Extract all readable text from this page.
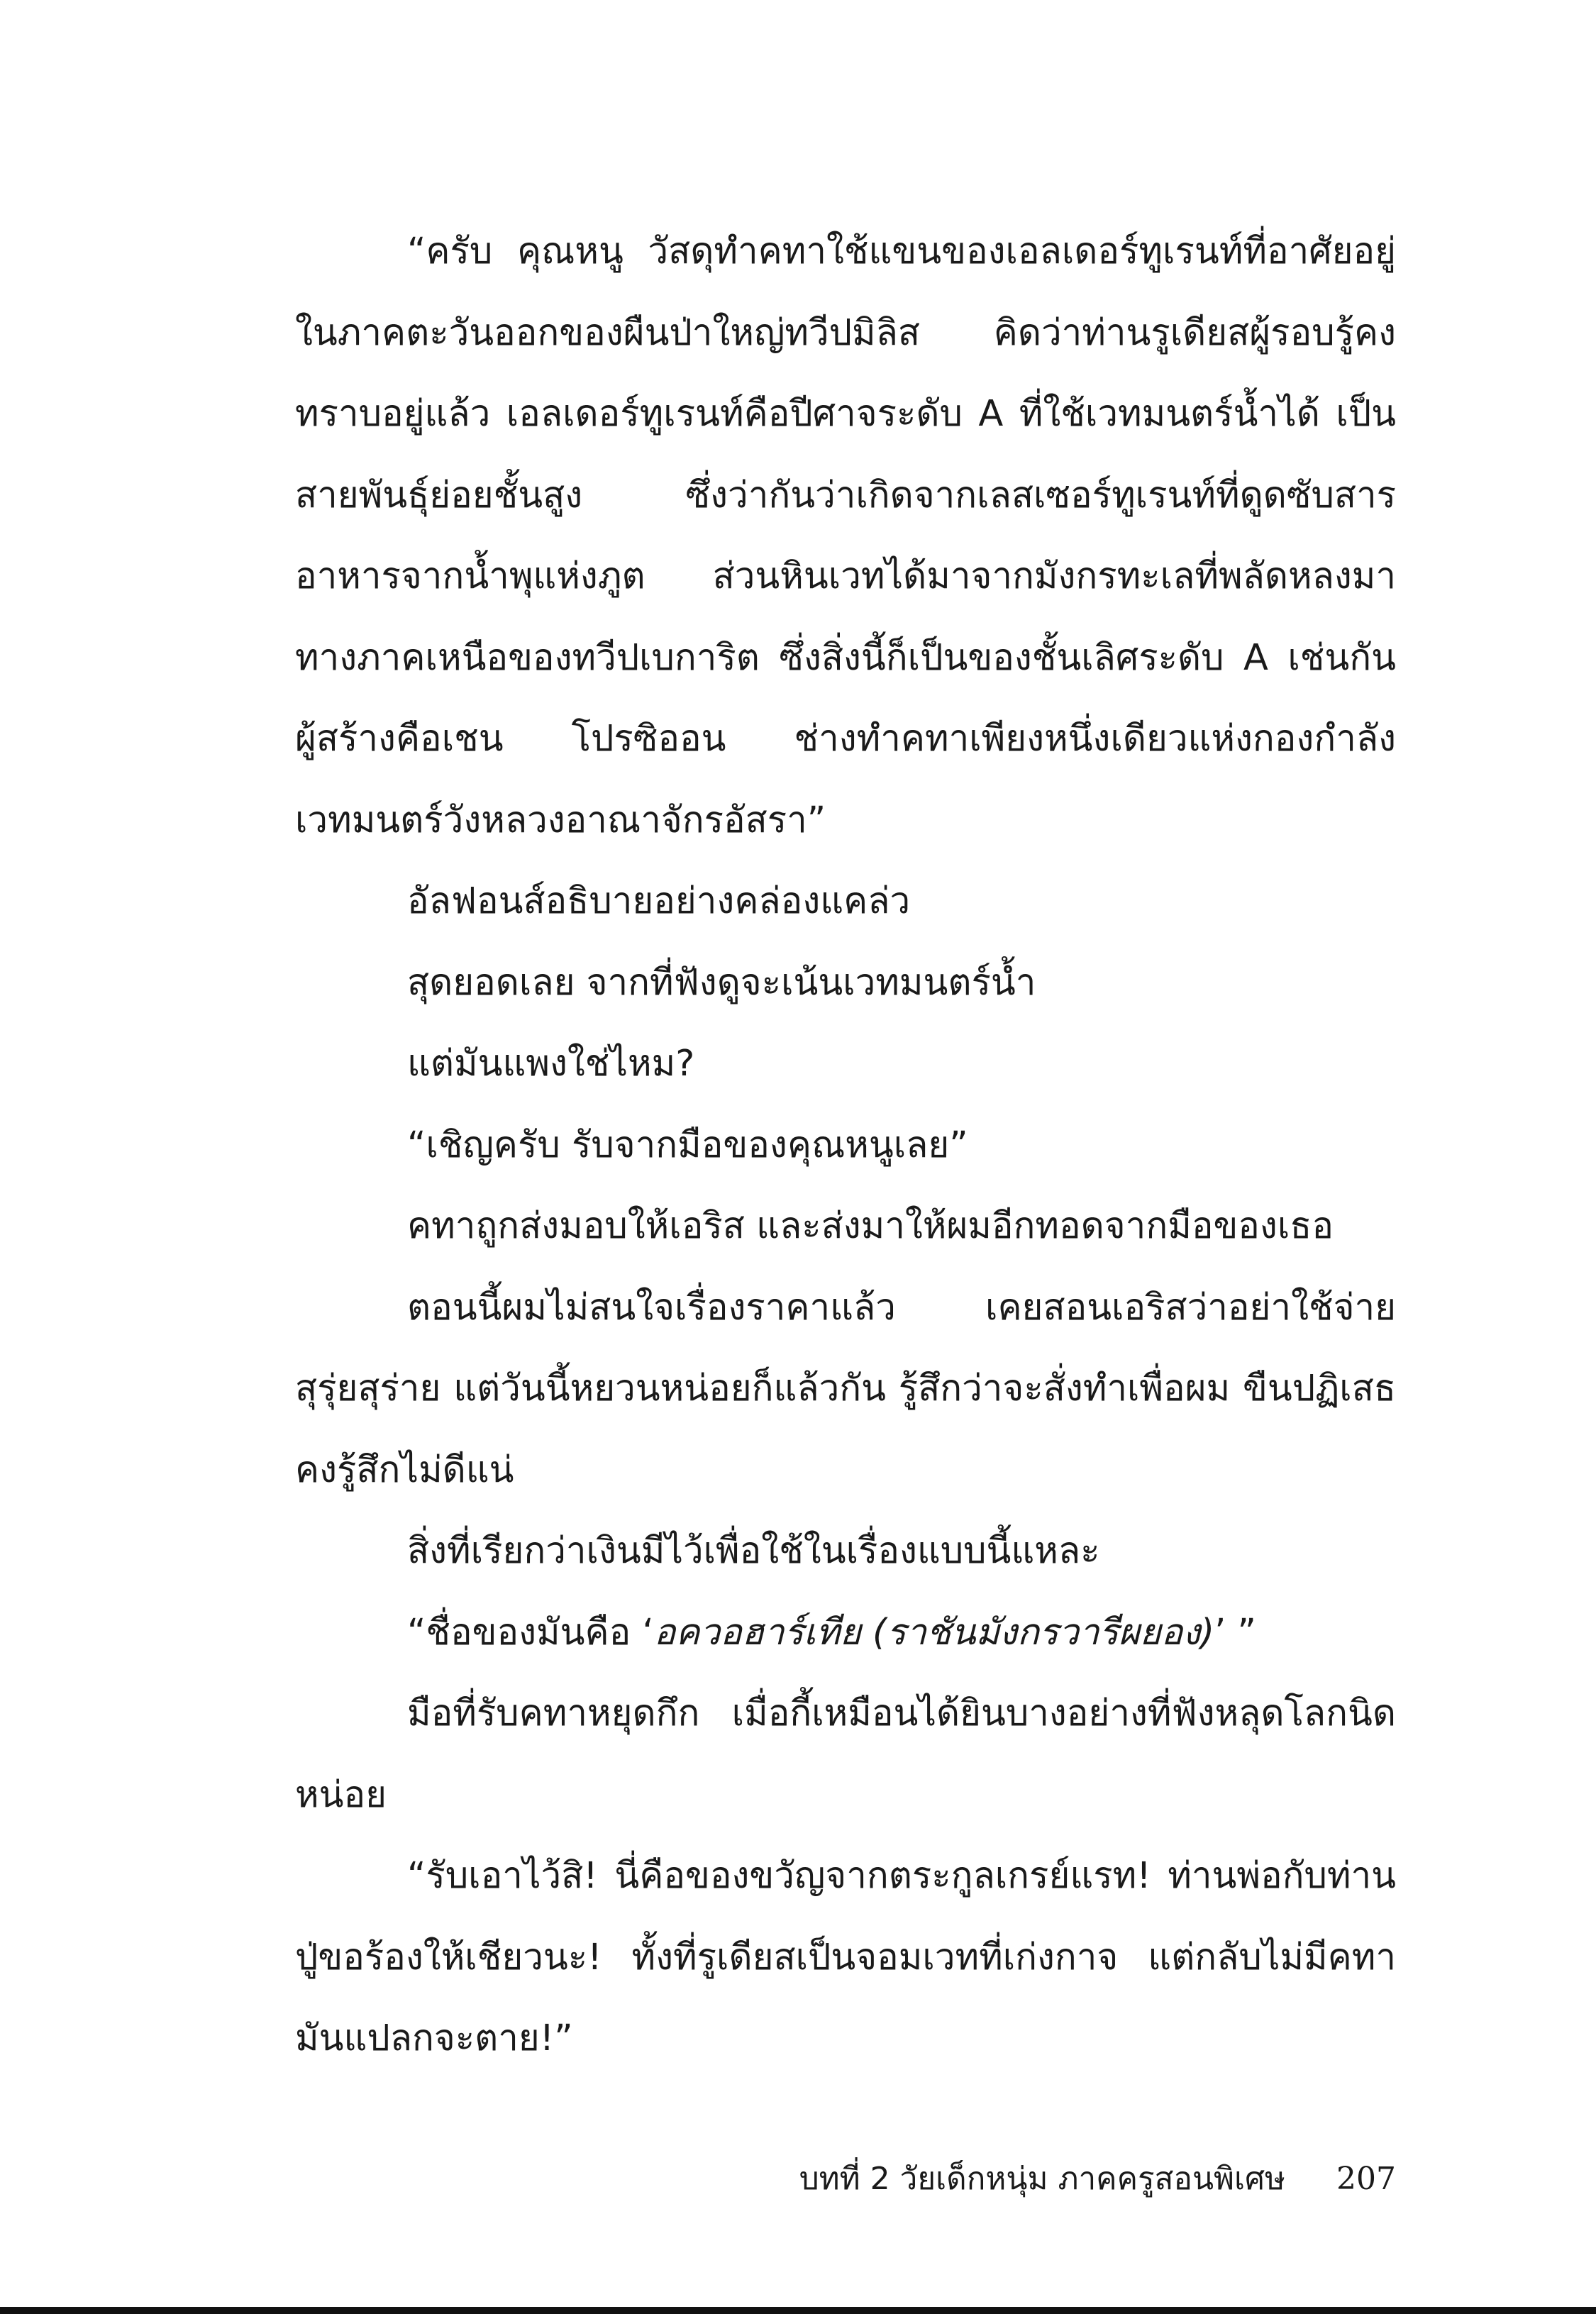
“ครับ คุณหนู วัสดุทำคทาใช้แขนของเอลเดอร์ทูเรนท์ที่อาศัยอยู่ในภาคตะวันออกของผืนป่าใหญ่ทวีปมิลิส คิดว่าท่านรูเดียสผู้รอบรู้คงทราบอยู่แล้ว เอลเดอร์ทูเรนท์คือปีศาจระดับ A ที่ใช้เวทมนตร์น้ำได้ เป็นสายพันธุ์ย่อยชั้นสูง ซึ่งว่ากันว่าเกิดจากเลสเซอร์ทูเรนท์ที่ดูดซับสารอาหารจากน้ำพุแห่งภูต ส่วนหินเวทได้มาจากมังกรทะเลที่พลัดหลงมาทางภาคเหนือของทวีปเบการิต ซึ่งสิ่งนี้ก็เป็นของชั้นเลิศระดับ A เช่นกัน ผู้สร้างคือเชน โปรซิออน ช่างทำคทาเพียงหนึ่งเดียวแห่งกองกำลังเวทมนตร์วังหลวงอาณาจักรอัสรา”

อัลฟอนส์อธิบายอย่างคล่องแคล่ว

สุดยอดเลย จากที่ฟังดูจะเน้นเวทมนตร์น้ำ

แต่มันแพงใช่ไหม?

“เชิญครับ รับจากมือของคุณหนูเลย”

คทาถูกส่งมอบให้เอริส และส่งมาให้ผมอีกทอดจากมือของเธอ

ตอนนี้ผมไม่สนใจเรื่องราคาแล้ว เคยสอนเอริสว่าอย่าใช้จ่ายสุรุ่ยสุร่าย แต่วันนี้หยวนหน่อยก็แล้วกัน รู้สึกว่าจะสั่งทำเพื่อผม ขืนปฏิเสธคงรู้สึกไม่ดีแน่

สิ่งที่เรียกว่าเงินมีไว้เพื่อใช้ในเรื่องแบบนี้แหละ

“ชื่อของมันคือ ‘อควอฮาร์เทีย (ราชันมังกรวารีผยอง)’ ”

มือที่รับคทาหยุดกึก เมื่อกี้เหมือนได้ยินบางอย่างที่ฟังหลุดโลกนิดหน่อย

“รับเอาไว้สิ! นี่คือของขวัญจากตระกูลเกรย์แรท! ท่านพ่อกับท่านปู่ขอร้องให้เชียวนะ! ทั้งที่รูเดียสเป็นจอมเวทที่เก่งกาจ แต่กลับไม่มีคทา มันแปลกจะตาย!”

บทที่ 2 วัยเด็กหนุ่ม ภาคครูสอนพิเศษ 207
